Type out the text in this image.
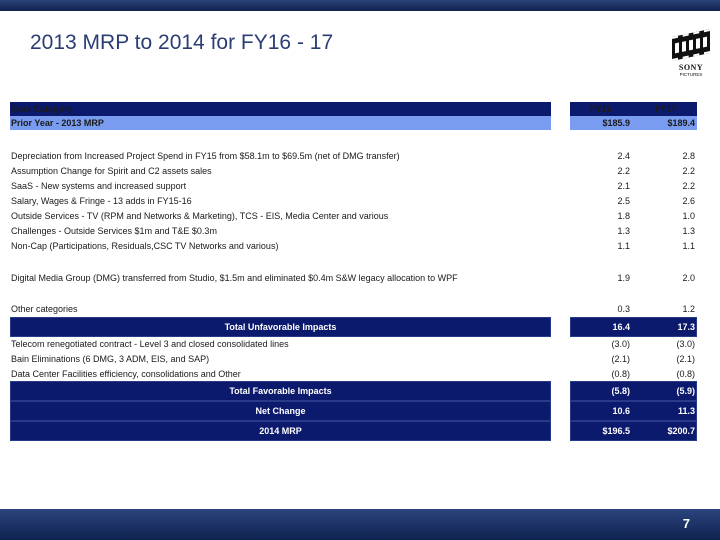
2013 MRP to 2014 for FY16 - 17
SONY
PICTURES
Cost Category	FY16	FY17
Prior Year - 2013 MRP	$185.9	$189.4
Depreciation from Increased Project Spend in FY15 from $58.1m to $69.5m (net of DMG transfer)	2.4	2.8
Assumption Change for Spirit and C2 assets sales	2.2	2.2
SaaS - New systems and increased support	2.1	2.2
Salary, Wages & Fringe - 13 adds in FY15-16	2.5	2.6
Outside Services - TV (RPM and Networks & Marketing), TCS - EIS, Media Center and various	1.8	1.0
Challenges - Outside Services $1m and T&E $0.3m	1.3	1.3
Non-Cap (Participations, Residuals,CSC TV Networks and various)	1.1	1.1
Digital Media Group (DMG) transferred from Studio, $1.5m and eliminated $0.4m S&W legacy allocation to WPF	1.9	2.0
Other categories	0.3	1.2
Total Unfavorable Impacts	16.4	17.3
Telecom renegotiated contract - Level 3 and closed consolidated lines	(3.0)	(3.0)
Bain Eliminations (6 DMG, 3 ADM, EIS, and SAP)	(2.1)	(2.1)
Data Center Facilities efficiency, consolidations and Other	(0.8)	(0.8)
Total Favorable Impacts	(5.8)	(5.9)
Net Change	10.6	11.3
2014 MRP	$196.5	$200.7
7
